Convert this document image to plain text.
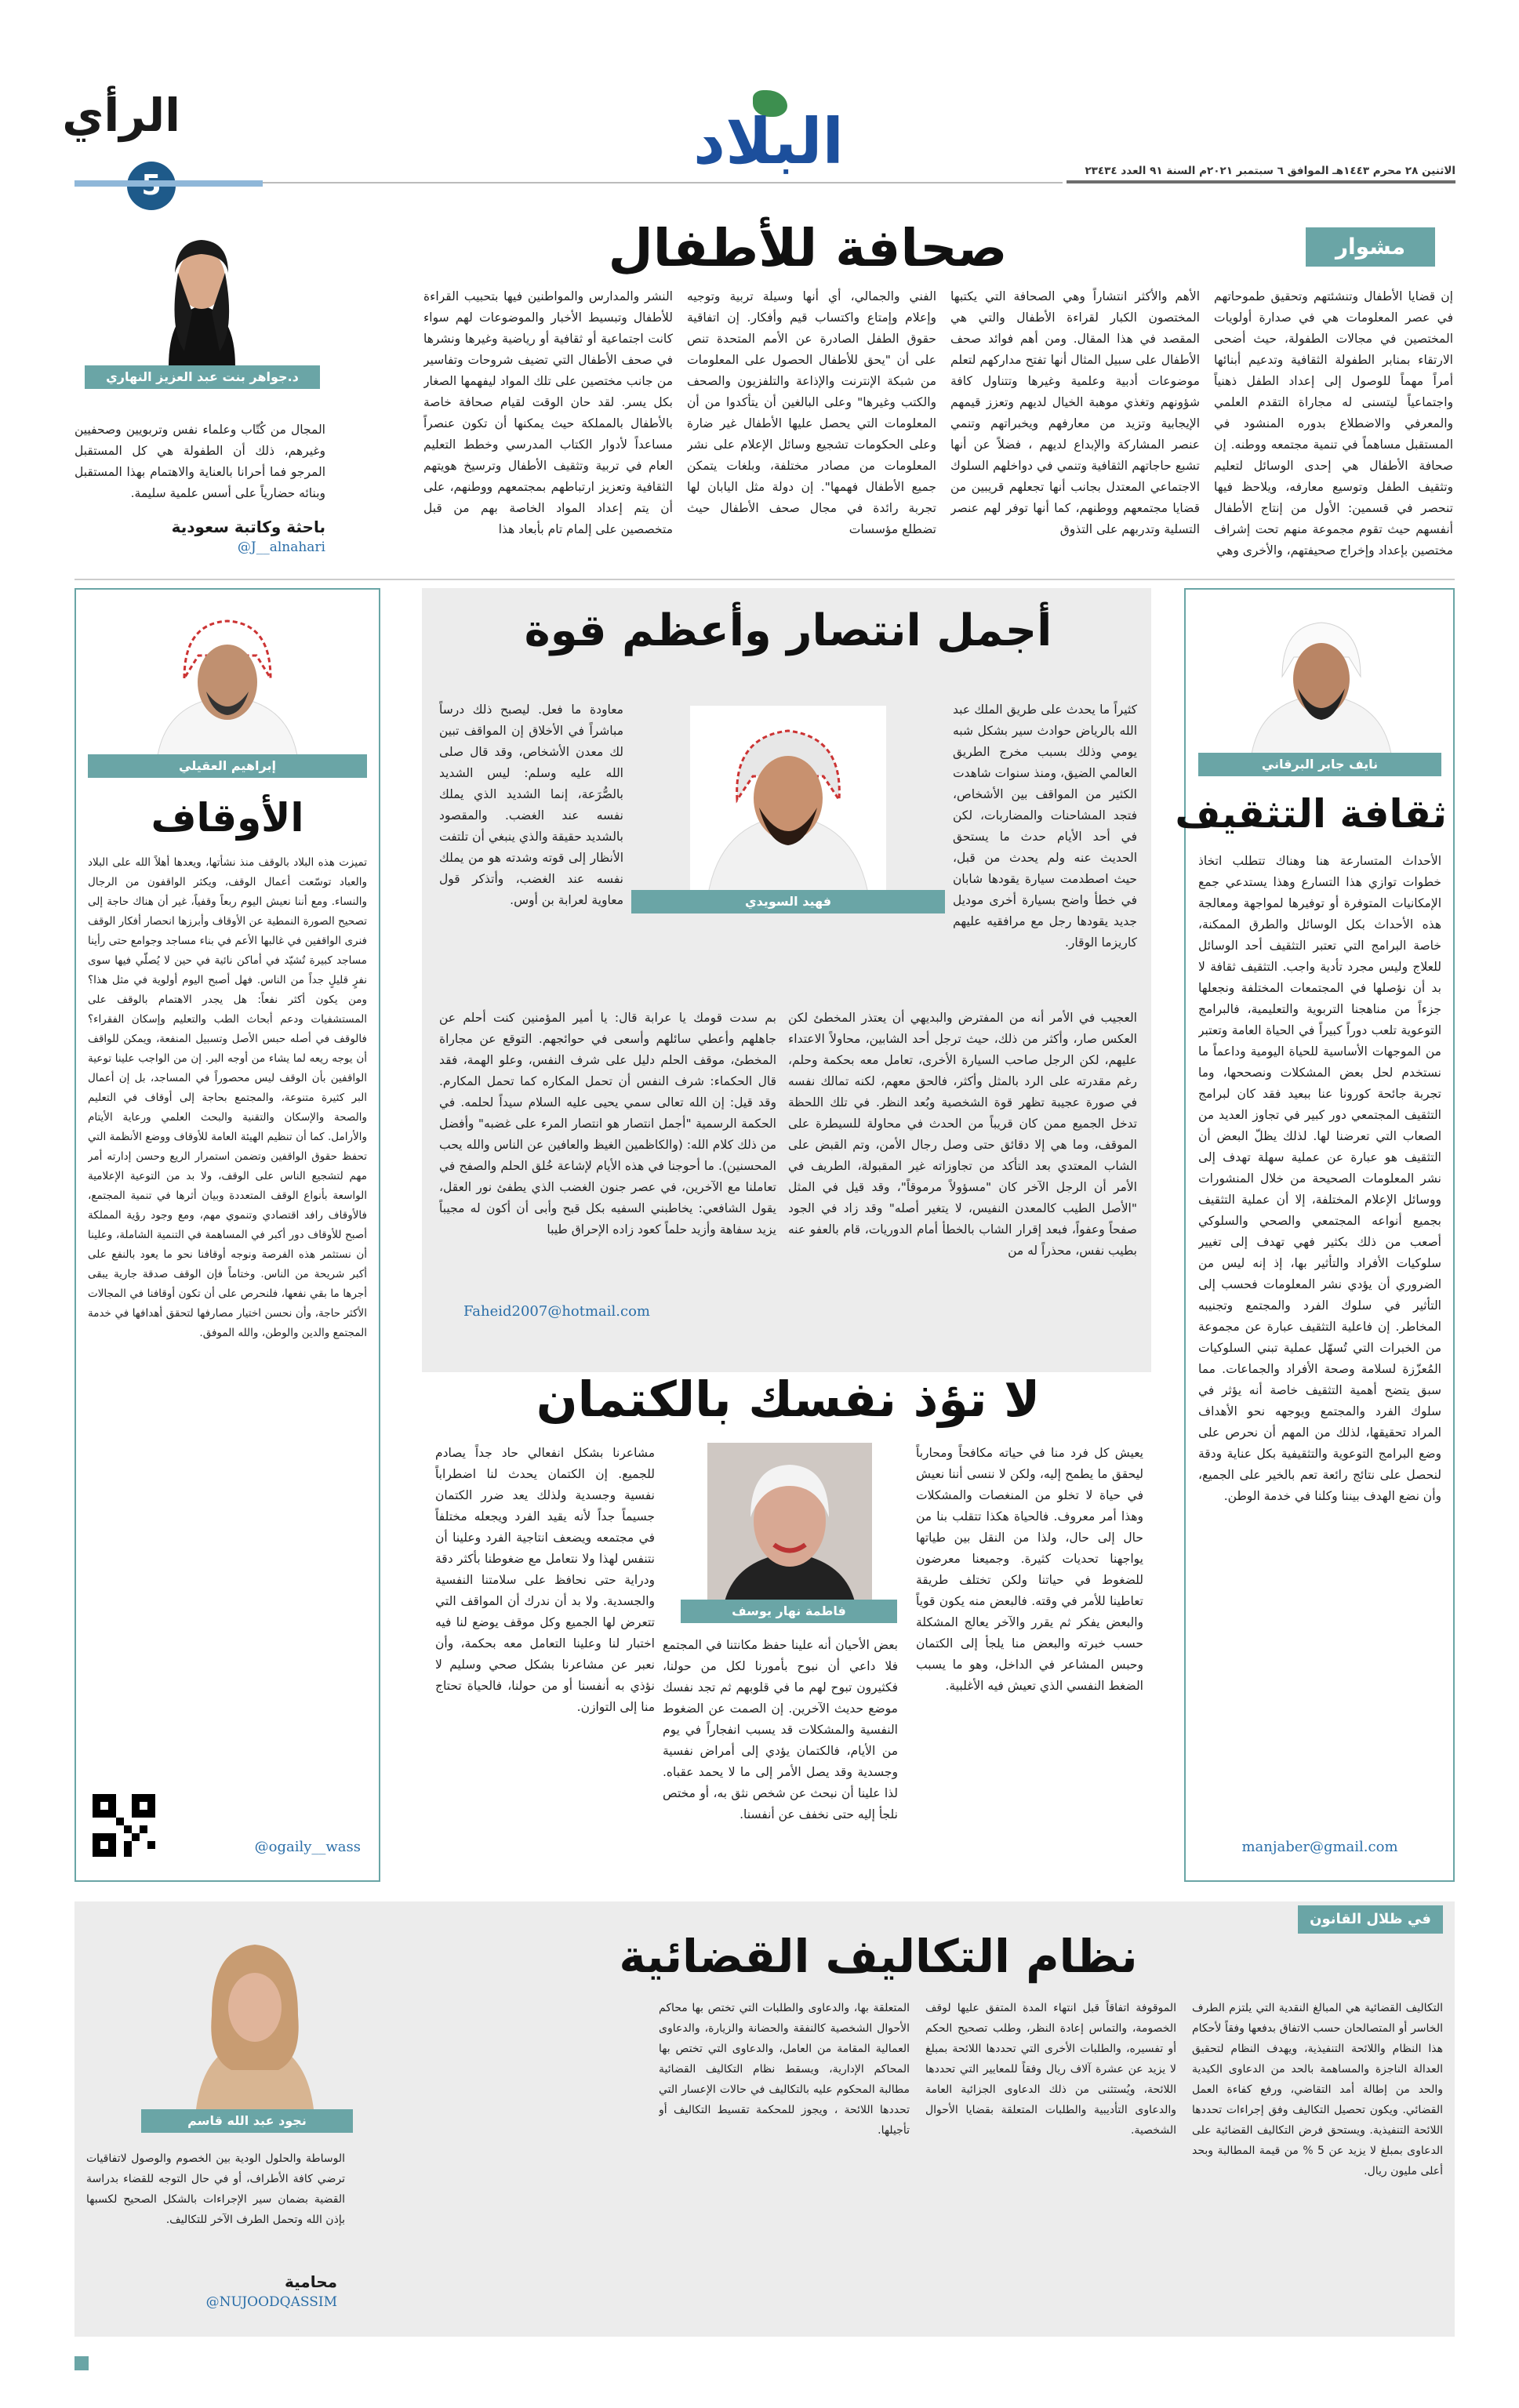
الرأي	البلاد	الاثنين ٢٨ محرم ١٤٤٣هـ الموافق ٦ سبتمبر ٢٠٢١م السنة ٩١ العدد ٢٣٤٣٤
مشوار
صحافة للأطفال
إن قضايا الأطفال وتنشئتهم وتحقيق طموحاتهم في عصر المعلومات هي في صدارة أولويات المختصين في مجالات الطفولة، حيث أضحى الارتقاء بمنابر الطفولة الثقافية وتدعيم أبنائها أمراً مهماً للوصول إلى إعداد الطفل ذهنياً واجتماعياً ليتسنى له مجاراة التقدم العلمي والمعرفي والاضطلاع بدوره المنشود في المستقبل مساهماً في تنمية مجتمعه ووطنه. إن صحافة الأطفال هي إحدى الوسائل لتعليم وتثقيف الطفل وتوسيع معارفه، ويلاحظ فيها تنحصر في قسمين: الأول من إنتاج الأطفال أنفسهم حيث تقوم مجموعة منهم تحت إشراف مختصين بإعداد وإخراج صحيفتهم، والأخرى وهي
الأهم والأكثر انتشاراً وهي الصحافة التي يكتبها المختصون الكبار لقراءة الأطفال والتي هي المقصد في هذا المقال. ومن أهم فوائد صحف الأطفال على سبيل المثال أنها تفتح مداركهم لتعلم موضوعات أدبية وعلمية وغيرها وتتناول كافة شؤونهم وتغذي موهبة الخيال لديهم وتعزز قيمهم الإيجابية وتزيد من معارفهم ويخبراتهم وتنمي عنصر المشاركة والإبداع لديهم ، فضلاً عن أنها تشبع حاجاتهم الثقافية وتنمي في دواخلهم السلوك الاجتماعي المعتدل بجانب أنها تجعلهم قريبين من قضايا مجتمعهم ووطنهم، كما أنها توفر لهم عنصر التسلية وتدربهم على التذوق
الفني والجمالي، أي أنها وسيلة تربية وتوجيه وإعلام وإمتاع واكتساب قيم وأفكار. إن اتفاقية حقوق الطفل الصادرة عن الأمم المتحدة تنص على أن "يحق للأطفال الحصول على المعلومات من شبكة الإنترنت والإذاعة والتلفزيون والصحف والكتب وغيرها" وعلى البالغين أن يتأكدوا من أن المعلومات التي يحصل عليها الأطفال غير ضارة وعلى الحكومات تشجيع وسائل الإعلام على نشر المعلومات من مصادر مختلفة، وبلغات يتمكن جميع الأطفال فهمها". إن دولة مثل اليابان لها تجربة رائدة في مجال صحف الأطفال حيث تضطلع مؤسسات
النشر والمدارس والمواطنين فيها بتحبيب القراءة للأطفال وتبسيط الأخبار والموضوعات لهم سواء كانت اجتماعية أو ثقافية أو رياضية وغيرها ونشرها في صحف الأطفال التي تضيف شروحات وتفاسير من جانب مختصين على تلك المواد ليفهمها الصغار بكل يسر. لقد حان الوقت لقيام صحافة خاصة بالأطفال بالمملكة حيث يمكنها أن تكون عنصراً مساعداً لأدوار الكتاب المدرسي وخطط التعليم العام في تربية وتثقيف الأطفال وترسيخ هويتهم الثقافية وتعزيز ارتباطهم بمجتمعهم ووطنهم، على أن يتم إعداد المواد الخاصة بهم من قبل متخصصين على إلمام تام بأبعاد هذا
المجال من كُتّاب وعلماء نفس وتربويين وصحفيين وغيرهم، ذلك أن الطفولة هي كل المستقبل المرجو فما أحرانا بالعناية والاهتمام بهذا المستقبل وبنائه حضارياً على أسس علمية سليمة.
د.جواهر بنت عبد العزيز النهاري
باحثة وكاتبة سعودية
@J__alnahari
أجمل انتصار وأعظم قوة
كثيراً ما يحدث على طريق الملك عبد الله بالرياض حوادث سير بشكل شبه يومي وذلك بسبب مخرج الطريق العالمي الضيق، ومنذ سنوات شاهدت الكثير من المواقف بين الأشخاص، فتجد المشاحنات والمضاربات، لكن في أحد الأيام حدث ما يستحق الحديث عنه ولم يحدث من قبل، حيث اصطدمت سيارة يقودها شابان في خطأ واضح بسيارة أخرى موديل جديد يقودها رجل مع مرافقيه عليهم كاريزما الوقار.
فهيد السويدي
معاودة ما فعل. ليصبح ذلك درساً مباشراً في الأخلاق إن المواقف تبين لك معدن الأشخاص، وقد قال صلى الله عليه وسلم: ليس الشديد بالصُّرَعة، إنما الشديد الذي يملك نفسه عند الغضب. والمقصود بالشديد حقيقة والذي ينبغي أن تلتفت الأنظار إلى قوته وشدته هو من يملك نفسه عند الغضب، وأتذكر قول معاوية لعرابة بن أوس.
العجيب في الأمر أنه من المفترض والبديهي أن يعتذر المخطئ لكن العكس صار، وأكثر من ذلك، حيث ترجل أحد الشابين، محاولاً الاعتداء عليهم، لكن الرجل صاحب السيارة الأخرى، تعامل معه بحكمة وحلم، رغم مقدرته على الرد بالمثل وأكثر، فالحق معهم، لكنه تمالك نفسه في صورة عجيبة تظهر قوة الشخصية وبُعد النظر. في تلك اللحظة تدخل الجميع ممن كان قريباً من الحدث في محاولة للسيطرة على الموقف، وما هي إلا دقائق حتى وصل رجال الأمن، وتم القبض على الشاب المعتدي بعد التأكد من تجاوزاته غير المقبولة، الطريف في الأمر أن الرجل الآخر كان "مسؤولاً مرموقاً"، وقد قيل في المثل "الأصل الطيب كالمعدن النفيس، لا يتغير أصله" وقد زاد في الجود صفحاً وعفواً، فبعد إقرار الشاب بالخطأ أمام الدوريات، قام بالعفو عنه بطيب نفس، محذراً له من
بم سدت قومك يا عرابة قال: يا أمير المؤمنين كنت أحلم عن جاهلهم وأعطي سائلهم وأسعى في حوائجهم. التوقع عن مجاراة المخطئ، موقف الحلم دليل على شرف النفس، وعلو الهمة، فقد قال الحكماء: شرف النفس أن تحمل المكاره كما تحمل المكارم. وقد قيل: إن الله تعالى سمي يحيى عليه السلام سيداً لحلمه. في الحكمة الرسمية "أجمل انتصار هو انتصار المرء على غضبه" وأفضل من ذلك كلام الله: (والكاظمين الغيظ والعافين عن الناس والله يحب المحسنين). ما أحوجنا في هذه الأيام لإشاعة خُلق الحلم والصفح في تعاملنا مع الآخرين، في عصر جنون الغضب الذي يطفئ نور العقل، يقول الشافعي: يخاطبني السفيه بكل قبح وأبى أن أكون له مجيباً يزيد سفاهة وأزيد حلماً كعود زاده الإحراق طيبا
Faheid2007@hotmail.com
نايف جابر البرقاني
ثقافة التثقيف
الأحداث المتسارعة هنا وهناك تتطلب اتخاذ خطوات توازي هذا التسارع وهذا يستدعي جمع الإمكانيات المتوفرة أو توفيرها لمواجهة ومعالجة هذه الأحداث بكل الوسائل والطرق الممكنة، خاصة البرامج التي تعتبر التثقيف أحد الوسائل للعلاج وليس مجرد تأدية واجب. التثقيف ثقافة لا بد أن نؤصلها في المجتمعات المختلفة ونجعلها جزءاً من مناهجنا التربوية والتعليمية، فالبرامج التوعوية تلعب دوراً كبيراً في الحياة العامة وتعتبر من الموجهات الأساسية للحياة اليومية وداعماً ما نستخدم لحل بعض المشكلات ونصححها، وما تجربة جائحة كورونا عنا ببعيد فقد كان لبرامج التثقيف المجتمعي دور كبير في تجاوز العديد من الصعاب التي تعرضنا لها. لذلك يظلّ البعض أن التثقيف هو عبارة عن عملية سهلة تهدف إلى نشر المعلومات الصحيحة من خلال المنشورات ووسائل الإعلام المختلفة، إلا أن عملية التثقيف بجميع أنواعه المجتمعي والصحي والسلوكي أصعب من ذلك بكثير فهي تهدف إلى تغيير سلوكيات الأفراد والتأثير بها، إذ إنه ليس من الضروري أن يؤدي نشر المعلومات فحسب إلى التأثير في سلوك الفرد والمجتمع وتجنيبه المخاطر. إن فاعلية التثقيف عبارة عن مجموعة من الخبرات التي تُسهّل عملية تبني السلوكيات المُعزّزة لسلامة وصحة الأفراد والجماعات. مما سبق يتضح أهمية التثقيف خاصة أنه يؤثر في سلوك الفرد والمجتمع ويوجهه نحو الأهداف المراد تحقيقها، لذلك من المهم أن نحرص على وضع البرامج التوعوية والتثقيفية بكل عناية ودقة لنحصل على نتائج رائعة تعم بالخير على الجميع، وأن نضع الهدف بيننا وكلنا في خدمة الوطن.
manjaber@gmail.com
إبراهيم العقيلي
الأوقاف
تميزت هذه البلاد بالوقف منذ نشأتها، ويعدها أهلاً الله على البلاد والعباد توسّعت أعمال الوقف، ويكثر الواقفون من الرجال والنساء. ومع أننا نعيش اليوم ربعاً وقفياً، غير أن هناك حاجة إلى تصحيح الصورة النمطية عن الأوقاف وأبرزها انحصار أفكار الوقف فنرى الواقفين في غالبها الأعم في بناء مساجد وجوامع حتى رأينا مساجد كبيرة تُشيّد في أماكن نائية في حين لا يُصلّي فيها سوى نفرٍ قليلٍ جداً من الناس. فهل أصبح اليوم أولوية في مثل هذا؟ ومن يكون أكثر نفعاً: هل يجدر الاهتمام بالوقف على المستشفيات ودعم أبحاث الطب والتعليم وإسكان الفقراء؟ فالوقف في أصله حبس الأصل وتسبيل المنفعة، ويمكن للواقف أن يوجه ريعه لما يشاء من أوجه البر. إن من الواجب علينا توعية الواقفين بأن الوقف ليس محصوراً في المساجد، بل إن أعمال البر كثيرة متنوعة، والمجتمع بحاجة إلى أوقاف في التعليم والصحة والإسكان والتقنية والبحث العلمي ورعاية الأيتام والأرامل. كما أن تنظيم الهيئة العامة للأوقاف ووضع الأنظمة التي تحفظ حقوق الواقفين وتضمن استمرار الريع وحسن إدارته أمر مهم لتشجيع الناس على الوقف، ولا بد من التوعية الإعلامية الواسعة بأنواع الوقف المتعددة وبيان أثرها في تنمية المجتمع، فالأوقاف رافد اقتصادي وتنموي مهم، ومع وجود رؤية المملكة أصبح للأوقاف دور أكبر في المساهمة في التنمية الشاملة، وعلينا أن نستثمر هذه الفرصة ونوجه أوقافنا نحو ما يعود بالنفع على أكبر شريحة من الناس. وختاماً فإن الوقف صدقة جارية يبقى أجرها ما بقي نفعها، فلنحرص على أن تكون أوقافنا في المجالات الأكثر حاجة، وأن نحسن اختيار مصارفها لتحقق أهدافها في خدمة المجتمع والدين والوطن، والله الموفق.
@ogaily__wass
لا تؤذ نفسك بالكتمان
يعيش كل فرد منا في حياته مكافحاً ومحارباً ليحقق ما يطمح إليه، ولكن لا ننسى أننا نعيش في حياة لا تخلو من المنغصات والمشكلات وهذا أمر معروف. فالحياة هكذا تتقلب بنا من حال إلى حال، ولذا من النقل بين طياتها يواجهنا تحديات كثيرة. وجميعنا معرضون للضغوط في حياتنا ولكن تختلف طريقة تعاطينا للأمر في وقته. فالبعض منه يكون قوياً والبعض يفكر ثم يقرر والآخر يعالج المشكلة حسب خبرته والبعض منا يلجأ إلى الكتمان وحبس المشاعر في الداخل، وهو ما يسبب الضغط النفسي الذي تعيش فيه الأغلبية.
فاطمة نهار يوسف
بعض الأحيان أنه علينا حفظ مكانتنا في المجتمع فلا داعي أن نبوح بأمورنا لكل من حولنا، فكثيرون تبوح لهم ما في قلوبهم ثم تجد نفسك موضع حديث الآخرين. إن الصمت عن الضغوط النفسية والمشكلات قد يسبب انفجاراً في يوم من الأيام، فالكتمان يؤدي إلى أمراض نفسية وجسدية وقد يصل الأمر إلى ما لا يحمد عقباه. لذا علينا أن نبحث عن شخص نثق به، أو مختص نلجأ إليه حتى نخفف عن أنفسنا.
مشاعرنا بشكل انفعالي حاد جداً يصادم للجميع. إن الكتمان يحدث لنا اضطراباً نفسية وجسدية ولذلك يعد ضرر الكتمان جسيماً جداً لأنه يقيد الفرد ويجعله مختلفاً في مجتمعه ويضعف انتاجية الفرد وعلينا أن نتنفس لهذا ولا نتعامل مع ضغوطنا بأكثر دقة ودراية حتى نحافظ على سلامتنا النفسية والجسدية. ولا بد أن ندرك أن المواقف التي تتعرض لها الجميع وكل موقف يوضع لنا فيه اختبار لنا وعلينا التعامل معه بحكمة، وأن نعبر عن مشاعرنا بشكل صحي وسليم لا نؤذي به أنفسنا أو من حولنا، فالحياة تحتاج منا إلى التوازن.
في ظلال القانون
نظام التكاليف القضائية
التكاليف القضائية هي المبالغ النقدية التي يلتزم الطرف الخاسر أو المتصالحان حسب الاتفاق بدفعها وفقاً لأحكام هذا النظام واللائحة التنفيذية، ويهدف النظام لتحقيق العدالة الناجزة والمساهمة بالحد من الدعاوى الكيدية والحد من إطالة أمد التقاضي، ورفع كفاءة العمل القضائي. ويكون تحصيل التكاليف وفق إجراءات تحددها اللائحة التنفيذية. ويستحق فرض التكاليف القضائية على الدعاوى بمبلغ لا يزيد عن 5 % من قيمة المطالبة وبحد أعلى مليون ريال.
الموقوفة اتفاقاً قبل انتهاء المدة المتفق عليها لوقف الخصومة، والتماس إعادة النظر، وطلب تصحيح الحكم أو تفسيره، والطلبات الأخرى التي تحددها اللائحة بمبلغ لا يزيد عن عشرة آلاف ريال وفقاً للمعايير التي تحددها اللائحة، ويُستثنى من ذلك الدعاوى الجزائية العامة والدعاوى التأديبية والطلبات المتعلقة بقضايا الأحوال الشخصية.
المتعلقة بها، والدعاوى والطلبات التي تختص بها محاكم الأحوال الشخصية كالنفقة والحضانة والزيارة، والدعاوى العمالية المقامة من العامل، والدعاوى التي تختص بها المحاكم الإدارية، ويسقط نظام التكاليف القضائية مطالبة المحكوم عليه بالتكاليف في حالات الإعسار التي تحددها اللائحة ، ويجوز للمحكمة تقسيط التكاليف أو تأجيلها.
الوساطة والحلول الودية بين الخصوم والوصول لاتفاقيات ترضي كافة الأطراف، أو في حال التوجه للقضاء بدراسة القضية بضمان سير الإجراءات بالشكل الصحيح لكسبها بإذن الله وتحمل الطرف الآخر للتكاليف.
نجود عبد الله قاسم
محامية
@NUJOODQASSIM
